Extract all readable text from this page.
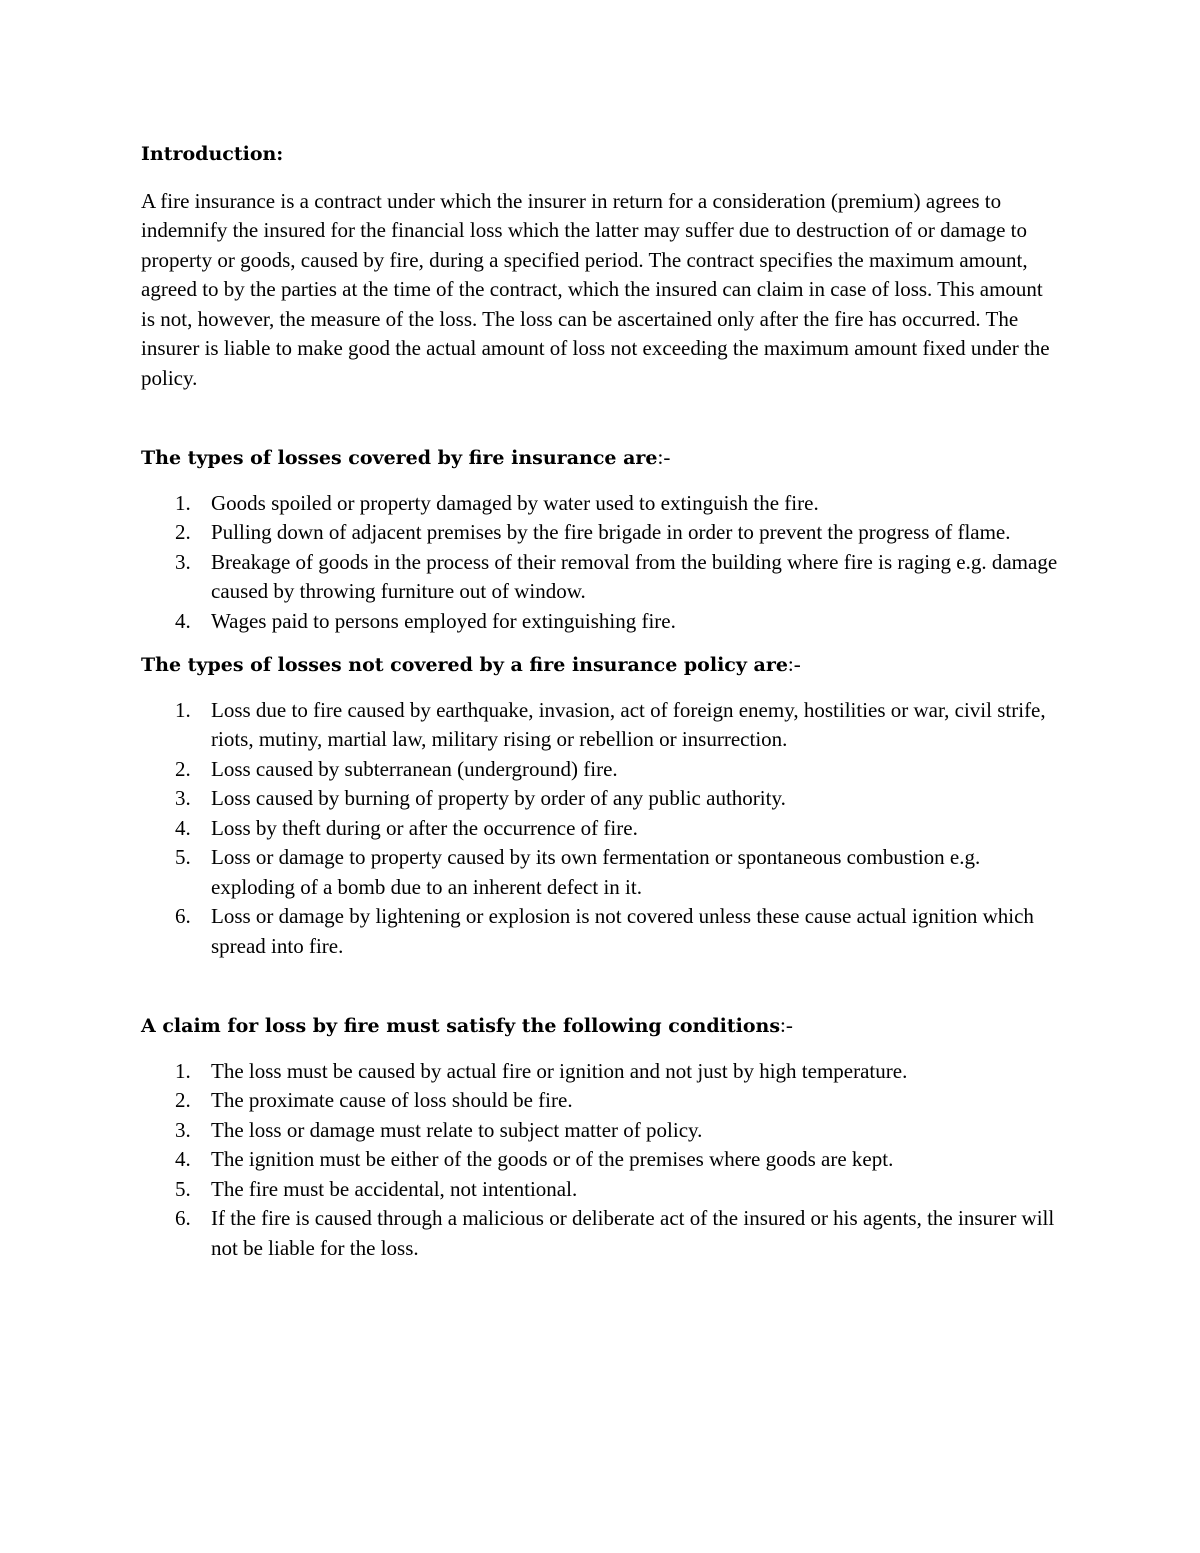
Introduction:

A fire insurance is a contract under which the insurer in return for a consideration (premium) agrees to indemnify the insured for the financial loss which the latter may suffer due to destruction of or damage to property or goods, caused by fire, during a specified period. The contract specifies the maximum amount, agreed to by the parties at the time of the contract, which the insured can claim in case of loss. This amount is not, however, the measure of the loss. The loss can be ascertained only after the fire has occurred. The insurer is liable to make good the actual amount of loss not exceeding the maximum amount fixed under the policy.

The types of losses covered by fire insurance are:-

1. Goods spoiled or property damaged by water used to extinguish the fire.
2. Pulling down of adjacent premises by the fire brigade in order to prevent the progress of flame.
3. Breakage of goods in the process of their removal from the building where fire is raging e.g. damage caused by throwing furniture out of window.
4. Wages paid to persons employed for extinguishing fire.

The types of losses not covered by a fire insurance policy are:-

1. Loss due to fire caused by earthquake, invasion, act of foreign enemy, hostilities or war, civil strife, riots, mutiny, martial law, military rising or rebellion or insurrection.
2. Loss caused by subterranean (underground) fire.
3. Loss caused by burning of property by order of any public authority.
4. Loss by theft during or after the occurrence of fire.
5. Loss or damage to property caused by its own fermentation or spontaneous combustion e.g. exploding of a bomb due to an inherent defect in it.
6. Loss or damage by lightening or explosion is not covered unless these cause actual ignition which spread into fire.

A claim for loss by fire must satisfy the following conditions:-

1. The loss must be caused by actual fire or ignition and not just by high temperature.
2. The proximate cause of loss should be fire.
3. The loss or damage must relate to subject matter of policy.
4. The ignition must be either of the goods or of the premises where goods are kept.
5. The fire must be accidental, not intentional.
6. If the fire is caused through a malicious or deliberate act of the insured or his agents, the insurer will not be liable for the loss.
